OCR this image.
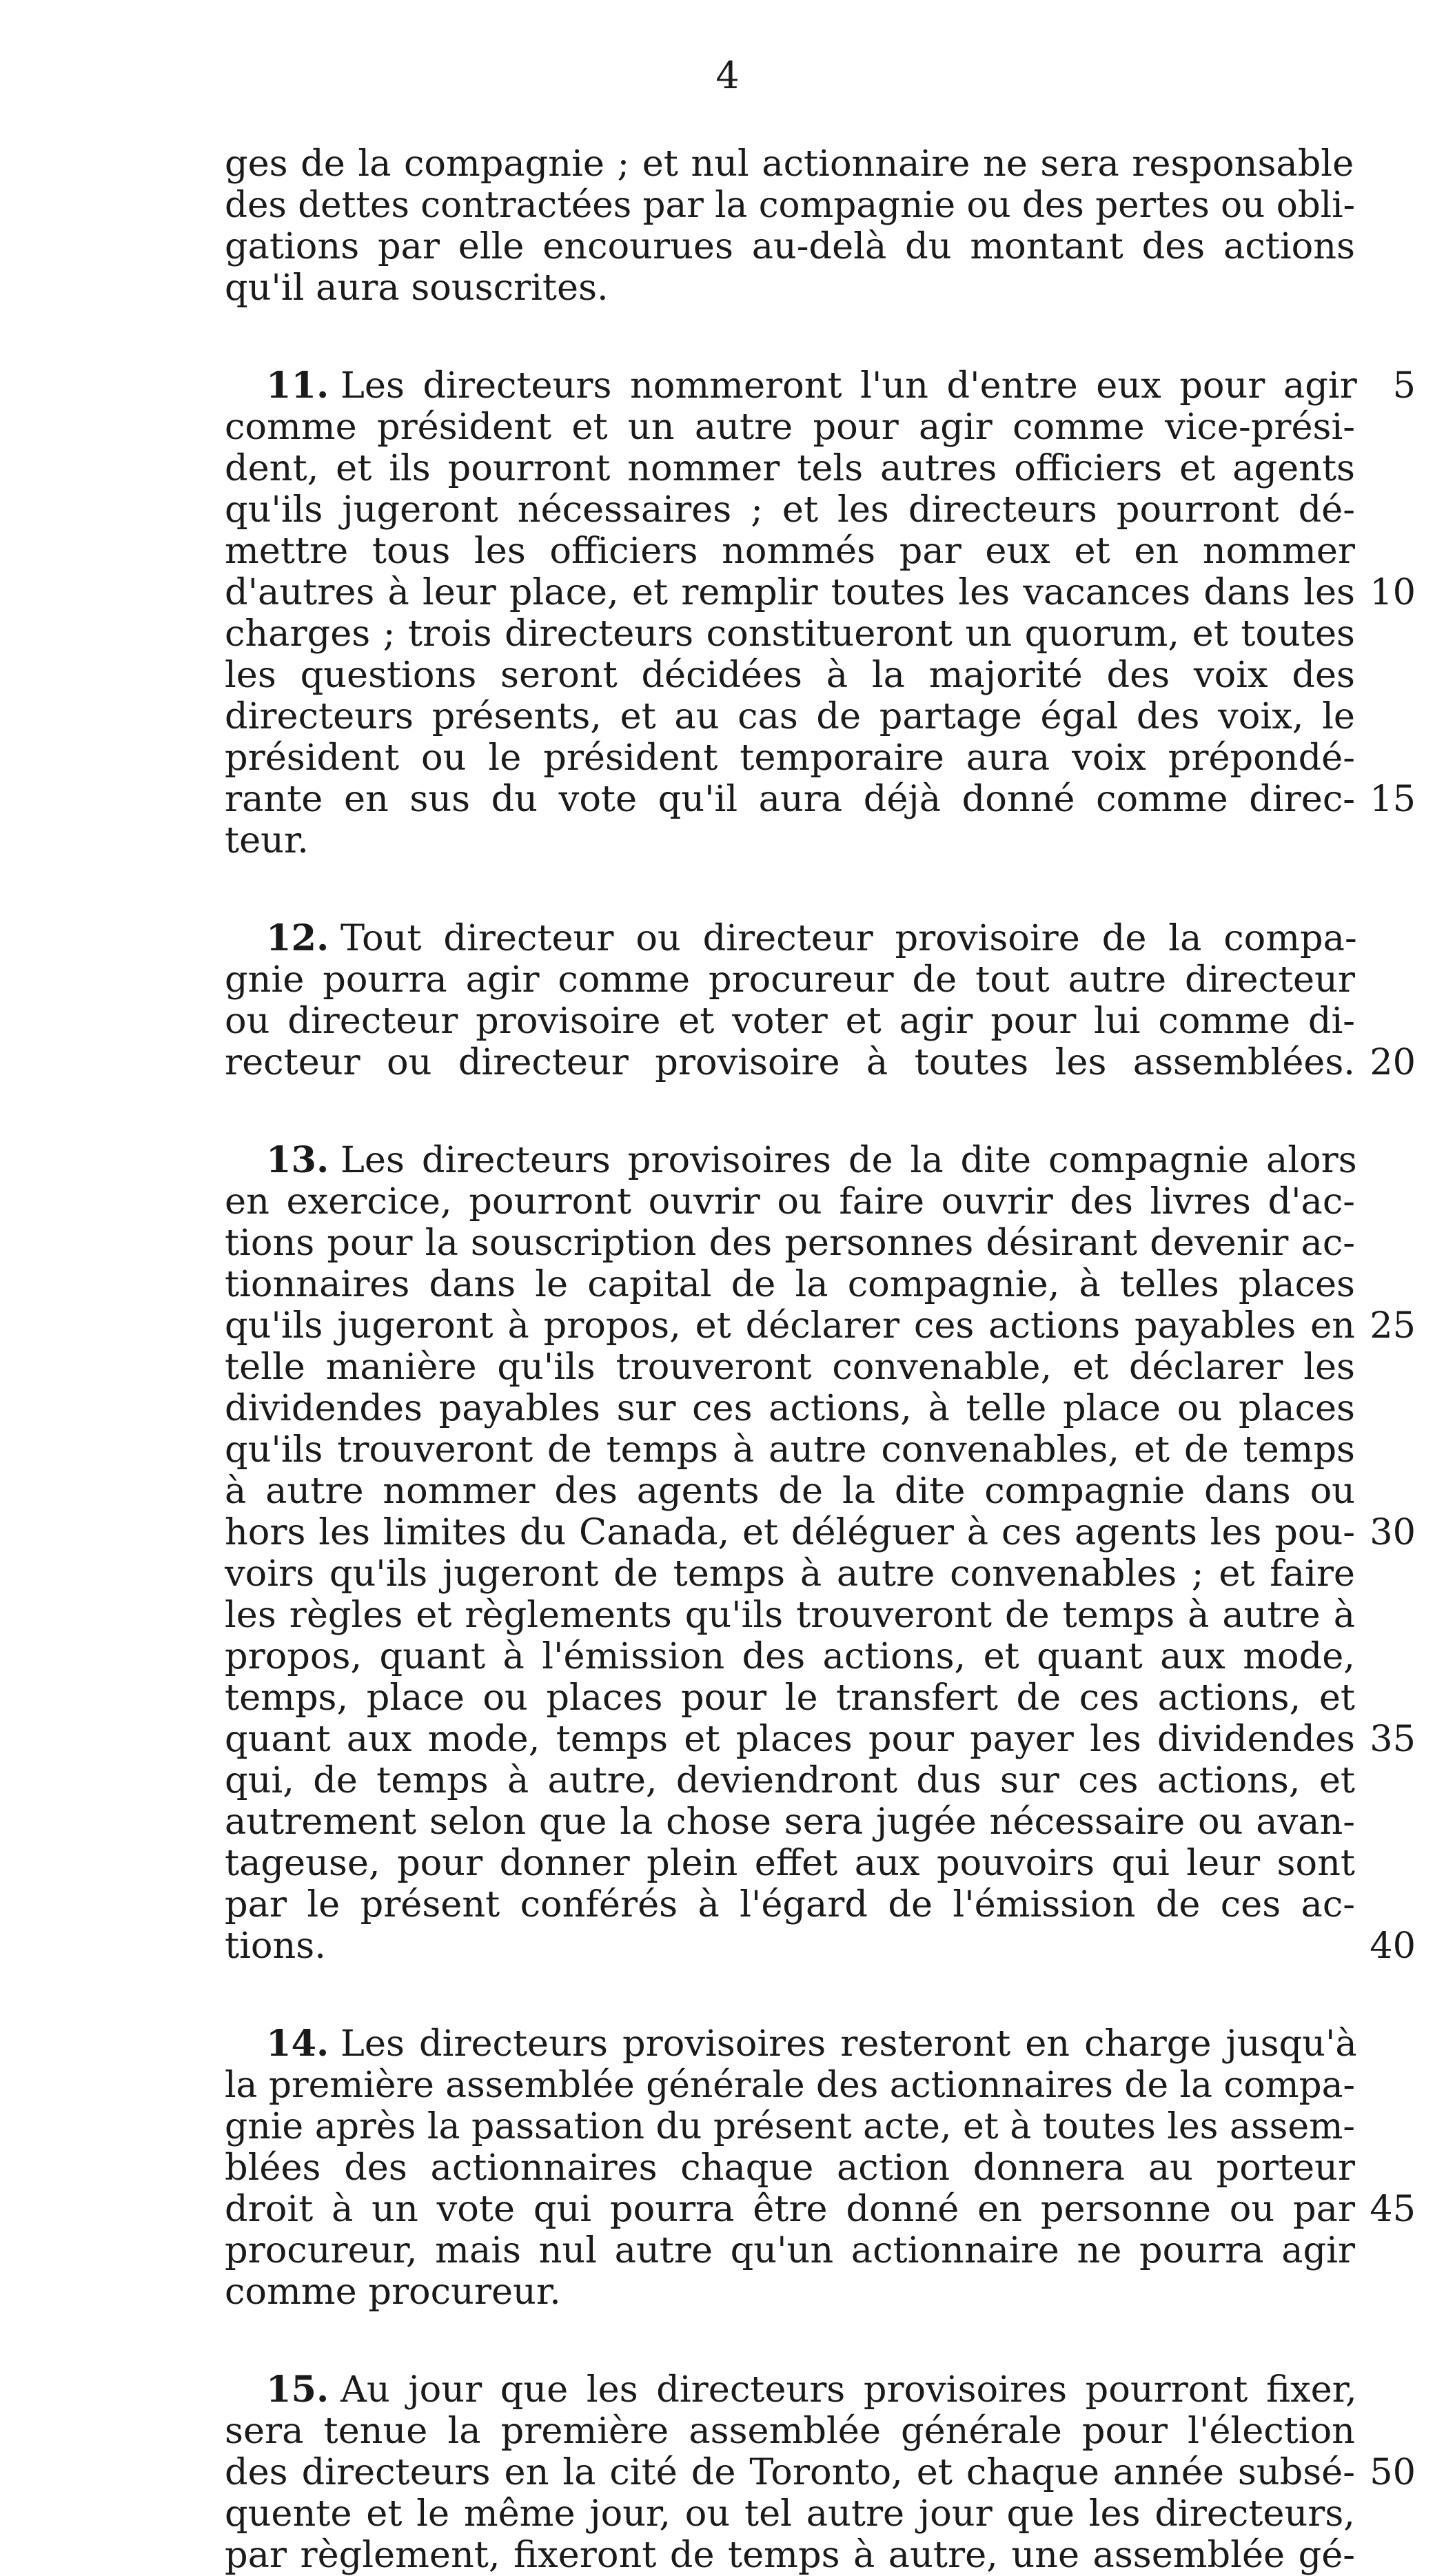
4
ges de la compagnie ; et nul actionnaire ne sera responsable
des dettes contractées par la compagnie ou des pertes ou obli-
gations par elle encourues au-delà du montant des actions
qu'il aura souscrites.
11. Les directeurs nommeront l'un d'entre eux pour agir 5
comme président et un autre pour agir comme vice-prési-
dent, et ils pourront nommer tels autres officiers et agents
qu'ils jugeront nécessaires ; et les directeurs pourront dé-
mettre tous les officiers nommés par eux et en nommer
d'autres à leur place, et remplir toutes les vacances dans les 10
charges ; trois directeurs constitueront un quorum, et toutes
les questions seront décidées à la majorité des voix des
directeurs présents, et au cas de partage égal des voix, le
président ou le président temporaire aura voix prépondé-
rante en sus du vote qu'il aura déjà donné comme direc- 15
teur.
12. Tout directeur ou directeur provisoire de la compa-
gnie pourra agir comme procureur de tout autre directeur
ou directeur provisoire et voter et agir pour lui comme di-
recteur ou directeur provisoire à toutes les assemblées. 20
13. Les directeurs provisoires de la dite compagnie alors
en exercice, pourront ouvrir ou faire ouvrir des livres d'ac-
tions pour la souscription des personnes désirant devenir ac-
tionnaires dans le capital de la compagnie, à telles places
qu'ils jugeront à propos, et déclarer ces actions payables en 25
telle manière qu'ils trouveront convenable, et déclarer les
dividendes payables sur ces actions, à telle place ou places
qu'ils trouveront de temps à autre convenables, et de temps
à autre nommer des agents de la dite compagnie dans ou
hors les limites du Canada, et déléguer à ces agents les pou- 30
voirs qu'ils jugeront de temps à autre convenables ; et faire
les règles et règlements qu'ils trouveront de temps à autre à
propos, quant à l'émission des actions, et quant aux mode,
temps, place ou places pour le transfert de ces actions, et
quant aux mode, temps et places pour payer les dividendes 35
qui, de temps à autre, deviendront dus sur ces actions, et
autrement selon que la chose sera jugée nécessaire ou avan-
tageuse, pour donner plein effet aux pouvoirs qui leur sont
par le présent conférés à l'égard de l'émission de ces ac-
tions.	40
14. Les directeurs provisoires resteront en charge jusqu'à
la première assemblée générale des actionnaires de la compa-
gnie après la passation du présent acte, et à toutes les assem-
blées des actionnaires chaque action donnera au porteur
droit à un vote qui pourra être donné en personne ou par 45
procureur, mais nul autre qu'un actionnaire ne pourra agir
comme procureur.
15. Au jour que les directeurs provisoires pourront fixer,
sera tenue la première assemblée générale pour l'élection
des directeurs en la cité de Toronto, et chaque année subsé- 50
quente et le même jour, ou tel autre jour que les directeurs,
par règlement, fixeront de temps à autre, une assemblée gé-
